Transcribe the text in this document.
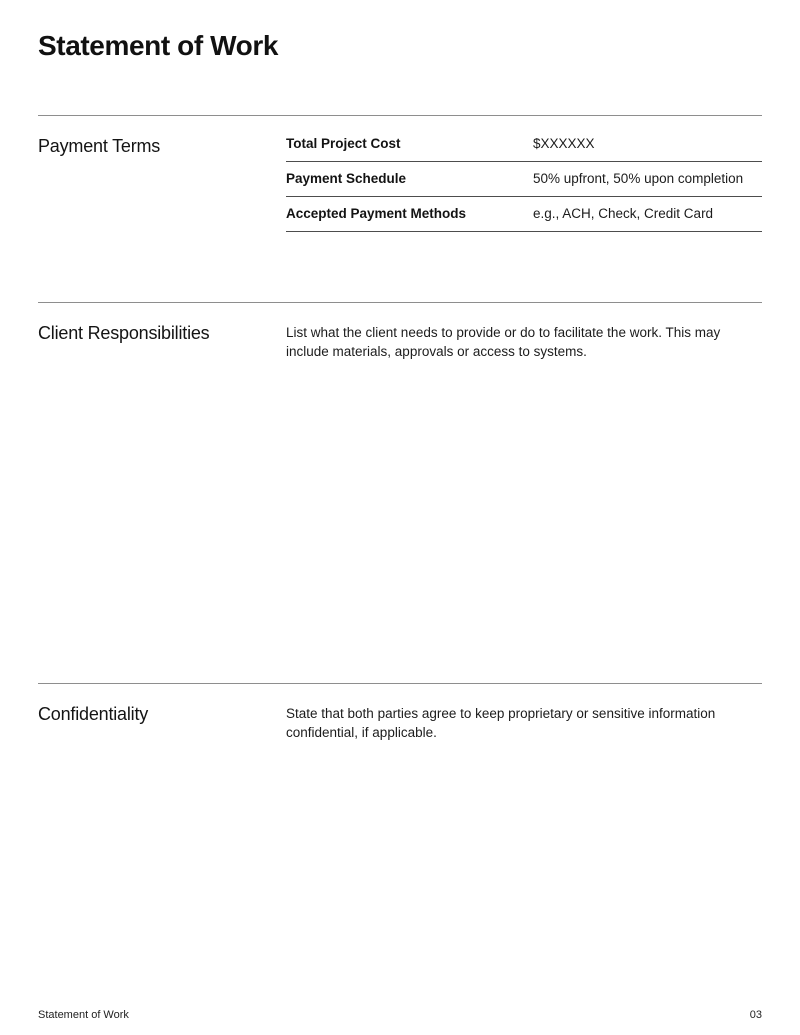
Statement of Work
Payment Terms	Total Project Cost	$XXXXXX
Payment Schedule	50% upfront, 50% upon completion
Accepted Payment Methods	e.g., ACH, Check, Credit Card
Client Responsibilities	List what the client needs to provide or do to facilitate the work. This may include materials, approvals or access to systems.

Confidentiality	State that both parties agree to keep proprietary or sensitive information confidential, if applicable.

Statement of Work	03
